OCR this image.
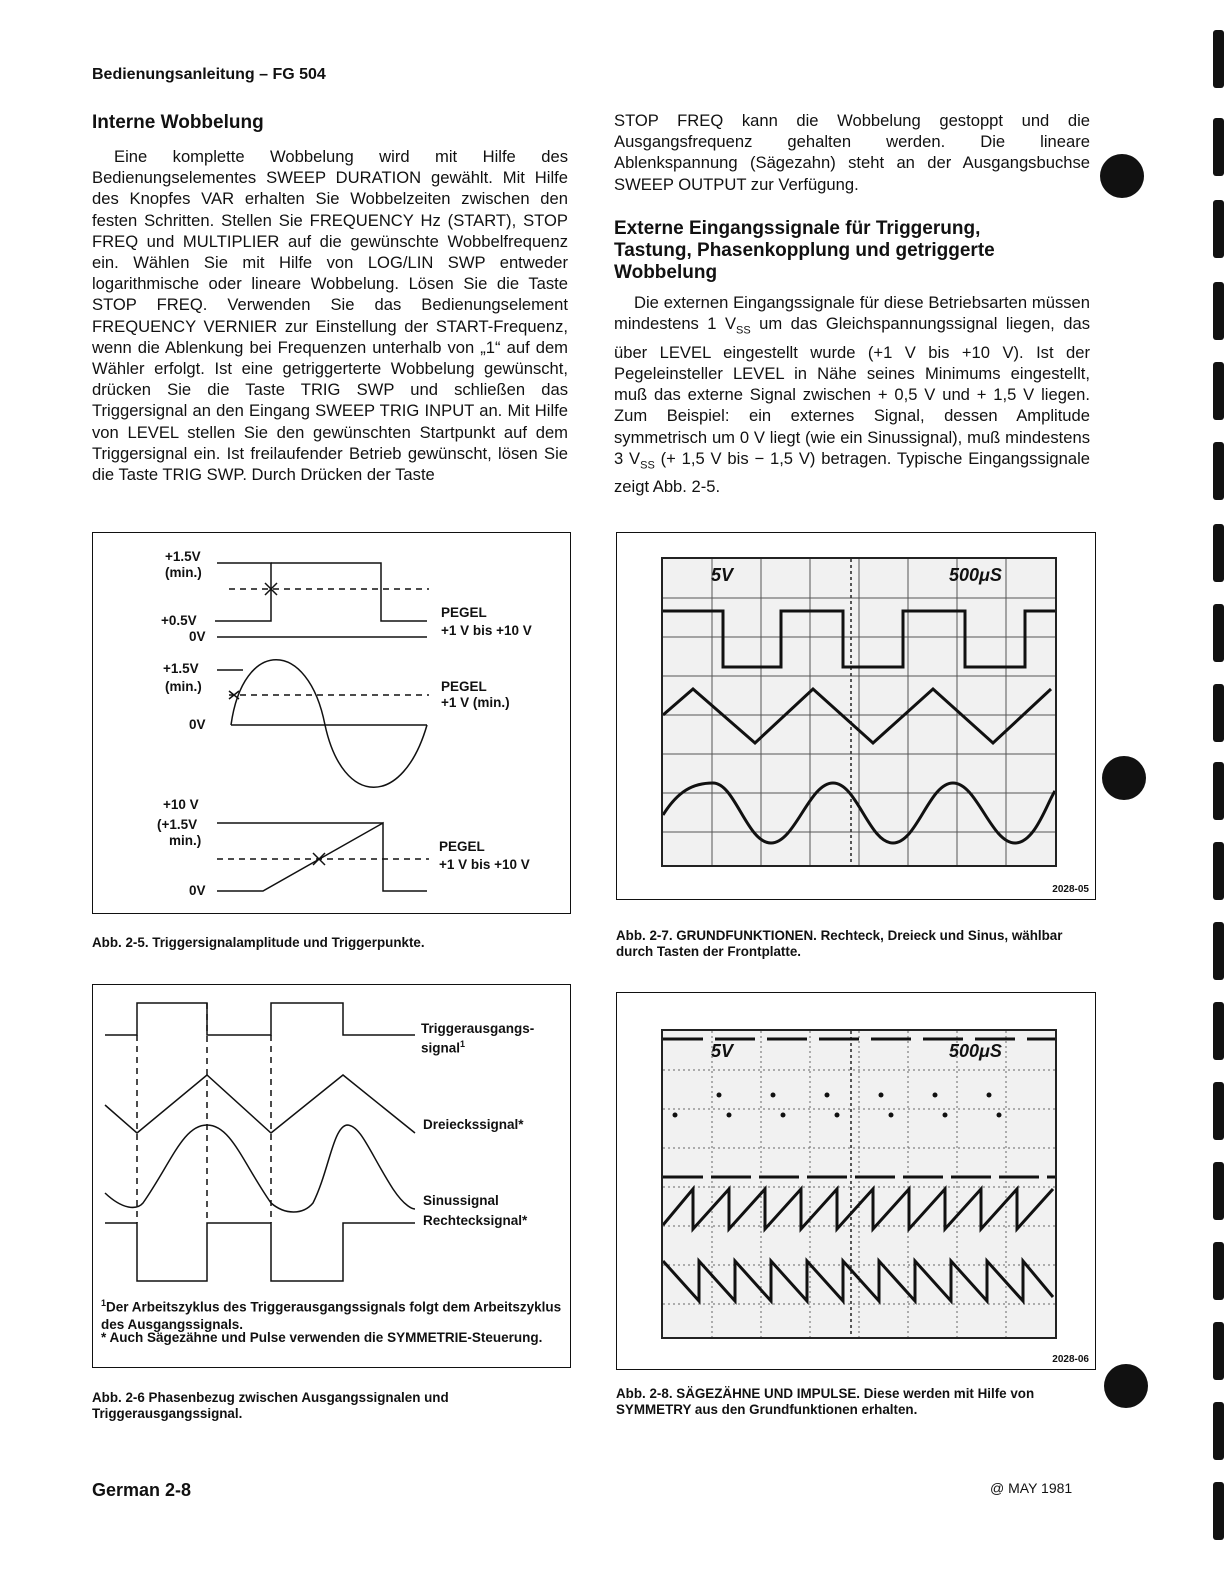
Bedienungsanleitung – FG 504
Interne Wobbelung
Eine komplette Wobbelung wird mit Hilfe des Bedienungselementes SWEEP DURATION gewählt. Mit Hilfe des Knopfes VAR erhalten Sie Wobbelzeiten zwischen den festen Schritten. Stellen Sie FREQUENCY Hz (START), STOP FREQ und MULTIPLIER auf die gewünschte Wobbelfrequenz ein. Wählen Sie mit Hilfe von LOG/LIN SWP entweder logarithmische oder lineare Wobbelung. Lösen Sie die Taste STOP FREQ. Verwenden Sie das Bedienungselement FREQUENCY VERNIER zur Einstellung der START-Frequenz, wenn die Ablenkung bei Frequenzen unterhalb von „1“ auf dem Wähler erfolgt. Ist eine getriggerterte Wobbelung gewünscht, drücken Sie die Taste TRIG SWP und schließen das Triggersignal an den Eingang SWEEP TRIG INPUT an. Mit Hilfe von LEVEL stellen Sie den gewünschten Startpunkt auf dem Triggersignal ein. Ist freilaufender Betrieb gewünscht, lösen Sie die Taste TRIG SWP. Durch Drücken der Taste
STOP FREQ kann die Wobbelung gestoppt und die Ausgangsfrequenz gehalten werden. Die lineare Ablenkspannung (Sägezahn) steht an der Ausgangsbuchse SWEEP OUTPUT zur Verfügung.
Externe Eingangssignale für Triggerung, Tastung, Phasenkopplung und getriggerte Wobbelung
Die externen Eingangssignale für diese Betriebsarten müssen mindestens 1 $V_{SS}$ um das Gleichspannungssignal liegen, das über LEVEL eingestellt wurde (+1 V bis +10 V). Ist der Pegeleinsteller LEVEL in Nähe seines Minimums eingestellt, muß das externe Signal zwischen + 0,5 V und + 1,5 V liegen. Zum Beispiel: ein externes Signal, dessen Amplitude symmetrisch um 0 V liegt (wie ein Sinussignal), muß mindestens 3 $V_{SS}$ (+ 1,5 V bis − 1,5 V) betragen. Typische Eingangssignale zeigt Abb. 2-5.
+1.5V
(min.)
+0.5V
0V
PEGEL
+1 V bis +10 V
+1.5V
(min.)
0V
PEGEL
+1 V (min.)
+10 V
(+1.5V
min.)
0V
PEGEL
+1 V bis +10 V
Abb. 2-5. Triggersignalamplitude und Triggerpunkte.
Triggerausgangs-
signal$^1$
Dreieckssignal*
Sinussignal
Rechtecksignal*
$^1$Der Arbeitszyklus des Triggerausgangssignals folgt dem Arbeitszyklus des Ausgangssignals.
* Auch Sägezähne und Pulse verwenden die SYMMETRIE-Steuerung.
Abb. 2-6 Phasenbezug zwischen Ausgangssignalen und Triggerausgangssignal.
5V	500μS
2028-05
Abb. 2-7. GRUNDFUNKTIONEN. Rechteck, Dreieck und Sinus, wählbar durch Tasten der Frontplatte.
5V	500μS
2028-06
Abb. 2-8. SÄGEZÄHNE UND IMPULSE. Diese werden mit Hilfe von SYMMETRY aus den Grundfunktionen erhalten.
German 2-8	@ MAY 1981
